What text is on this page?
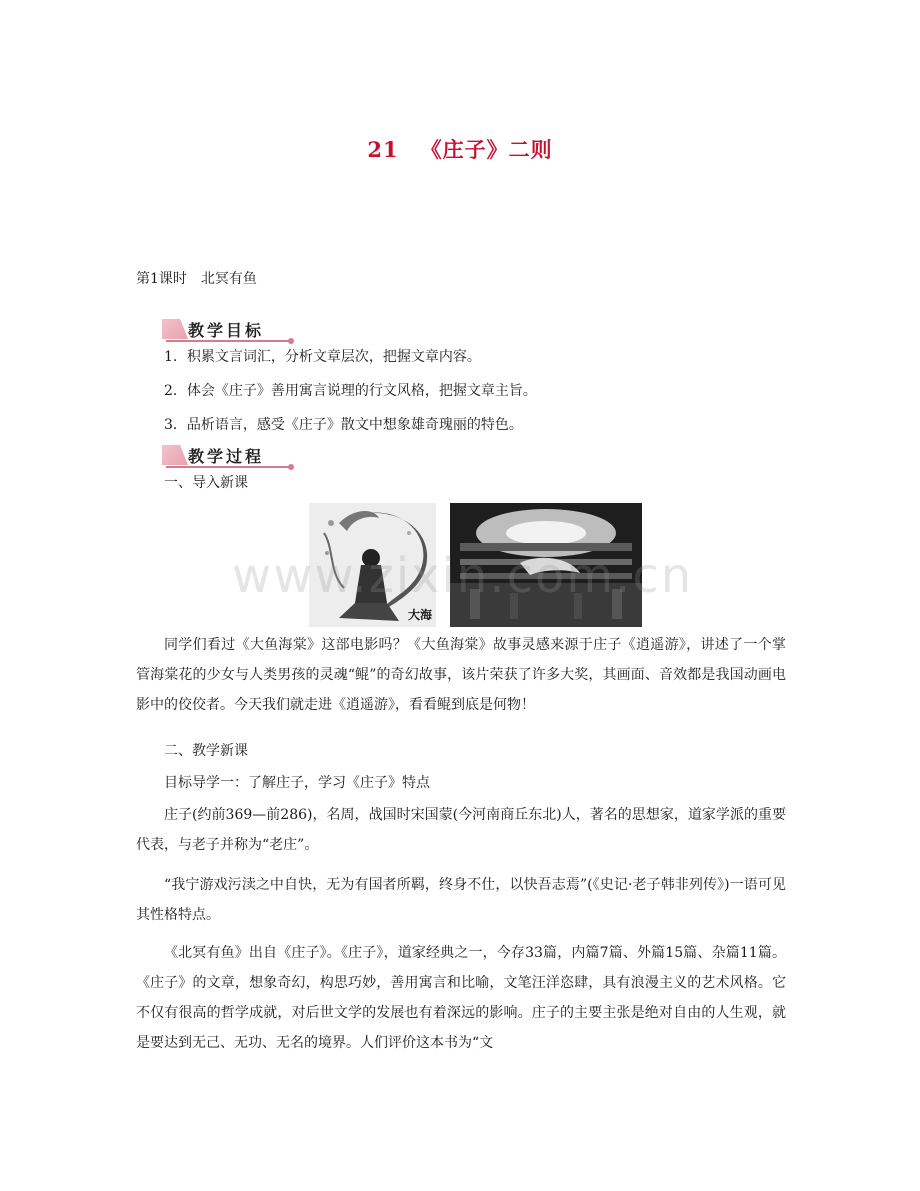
21 《庄子》二则
第1课时 北冥有鱼
教学目标
1．积累文言词汇，分析文章层次，把握文章内容。
2．体会《庄子》善用寓言说理的行文风格，把握文章主旨。
3．品析语言，感受《庄子》散文中想象雄奇瑰丽的特色。
教学过程
一、导入新课
大海
www.zixin.com.cn

同学们看过《大鱼海棠》这部电影吗？《大鱼海棠》故事灵感来源于庄子《逍遥游》，讲述了一个掌管海棠花的少女与人类男孩的灵魂“鲲”的奇幻故事，该片荣获了许多大奖，其画面、音效都是我国动画电影中的佼佼者。今天我们就走进《逍遥游》，看看鲲到底是何物！

二、教学新课

目标导学一：了解庄子，学习《庄子》特点

庄子(约前369—前286)，名周，战国时宋国蒙(今河南商丘东北)人，著名的思想家，道家学派的重要代表，与老子并称为“老庄”。

“我宁游戏污渎之中自快，无为有国者所羁，终身不仕，以快吾志焉”(《史记·老子韩非列传》)一语可见其性格特点。

《北冥有鱼》出自《庄子》。《庄子》，道家经典之一，今存33篇，内篇7篇、外篇15篇、杂篇11篇。《庄子》的文章，想象奇幻，构思巧妙，善用寓言和比喻，文笔汪洋恣肆，具有浪漫主义的艺术风格。它不仅有很高的哲学成就，对后世文学的发展也有着深远的影响。庄子的主要主张是绝对自由的人生观，就是要达到无己、无功、无名的境界。人们评价这本书为“文
